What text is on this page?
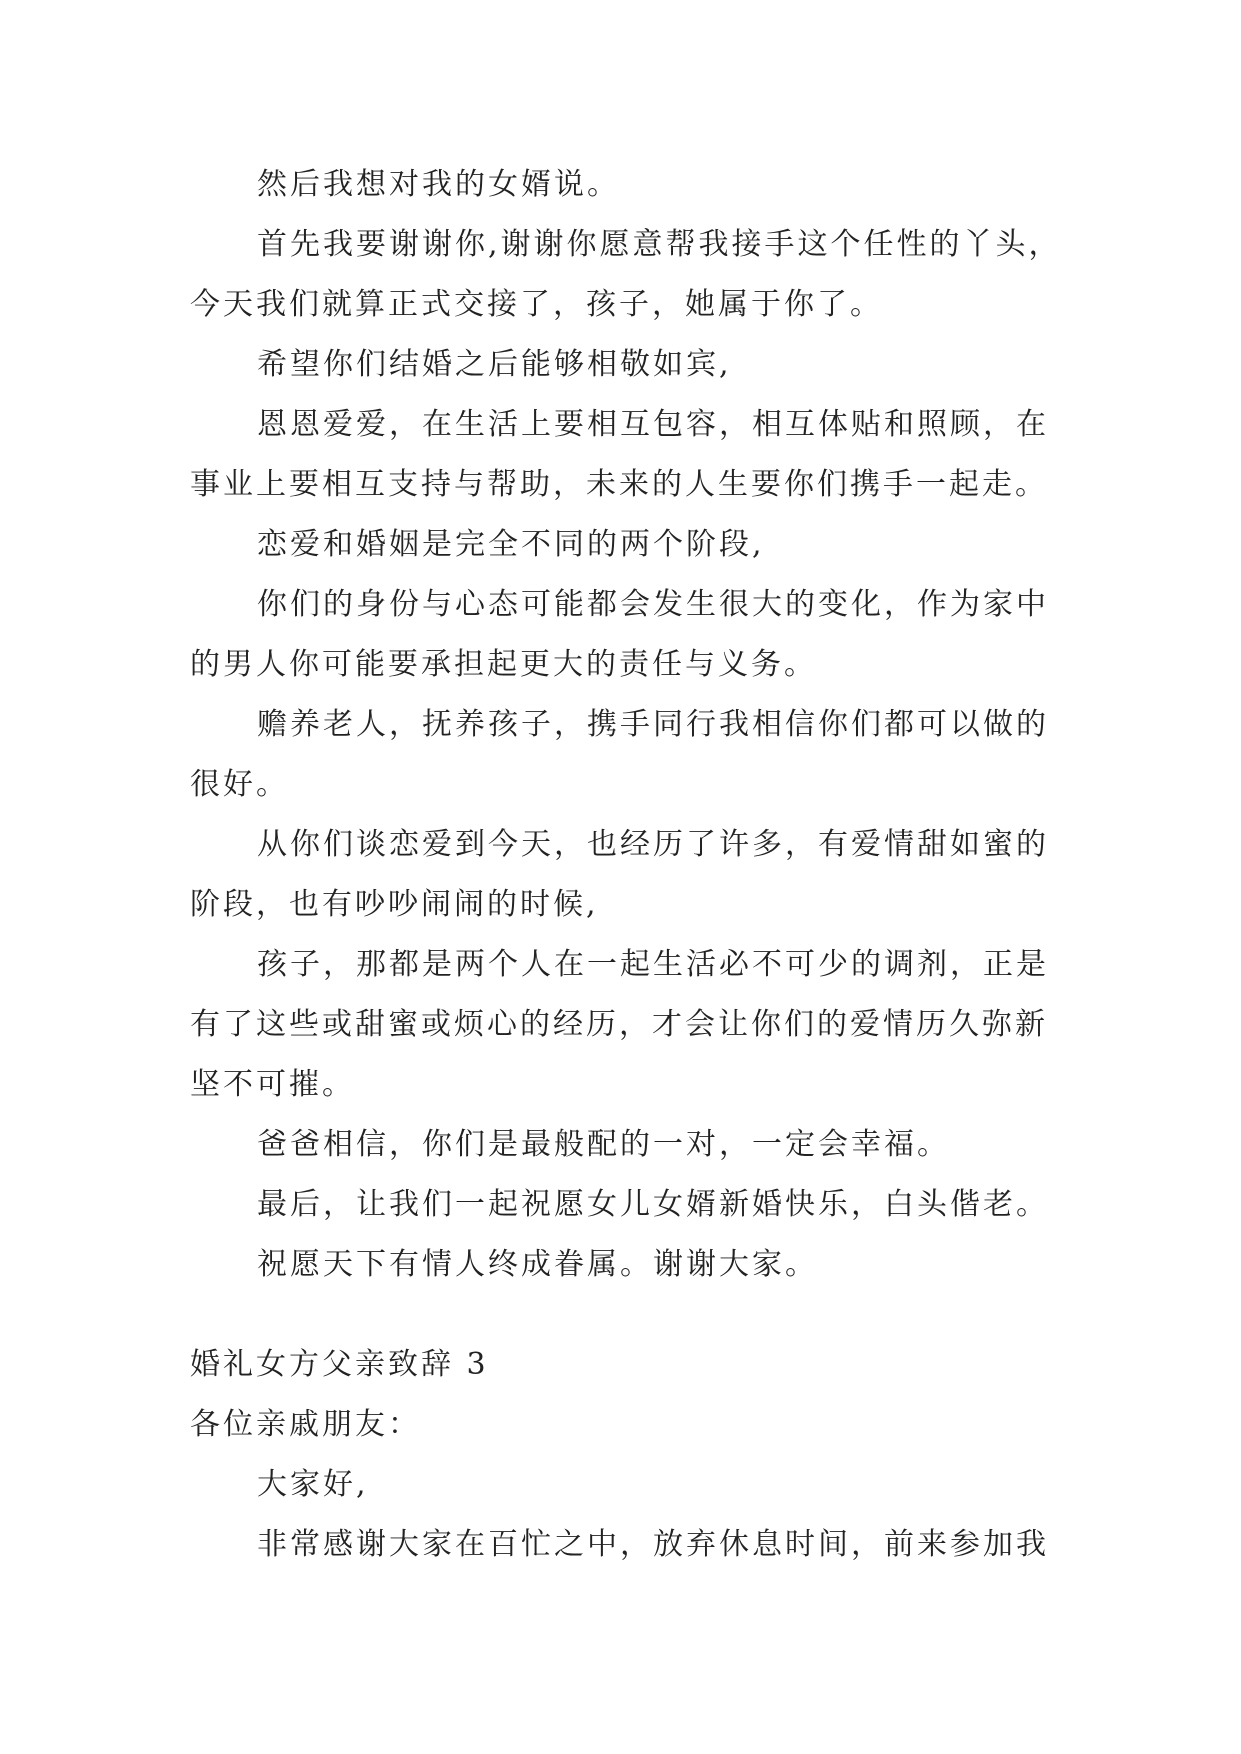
然后我想对我的女婿说。
首先我要谢谢你,谢谢你愿意帮我接手这个任性的丫头，
今天我们就算正式交接了，孩子，她属于你了。
希望你们结婚之后能够相敬如宾,
恩恩爱爱，在生活上要相互包容，相互体贴和照顾，在
事业上要相互支持与帮助，未来的人生要你们携手一起走。
恋爱和婚姻是完全不同的两个阶段,
你们的身份与心态可能都会发生很大的变化，作为家中
的男人你可能要承担起更大的责任与义务。
赡养老人，抚养孩子，携手同行我相信你们都可以做的
很好。
从你们谈恋爱到今天，也经历了许多，有爱情甜如蜜的
阶段，也有吵吵闹闹的时候,
孩子，那都是两个人在一起生活必不可少的调剂，正是
有了这些或甜蜜或烦心的经历，才会让你们的爱情历久弥新
坚不可摧。
爸爸相信，你们是最般配的一对，一定会幸福。
最后，让我们一起祝愿女儿女婿新婚快乐，白头偕老。
祝愿天下有情人终成眷属。谢谢大家。
婚礼女方父亲致辞 3
各位亲戚朋友：
大家好,
非常感谢大家在百忙之中，放弃休息时间，前来参加我
